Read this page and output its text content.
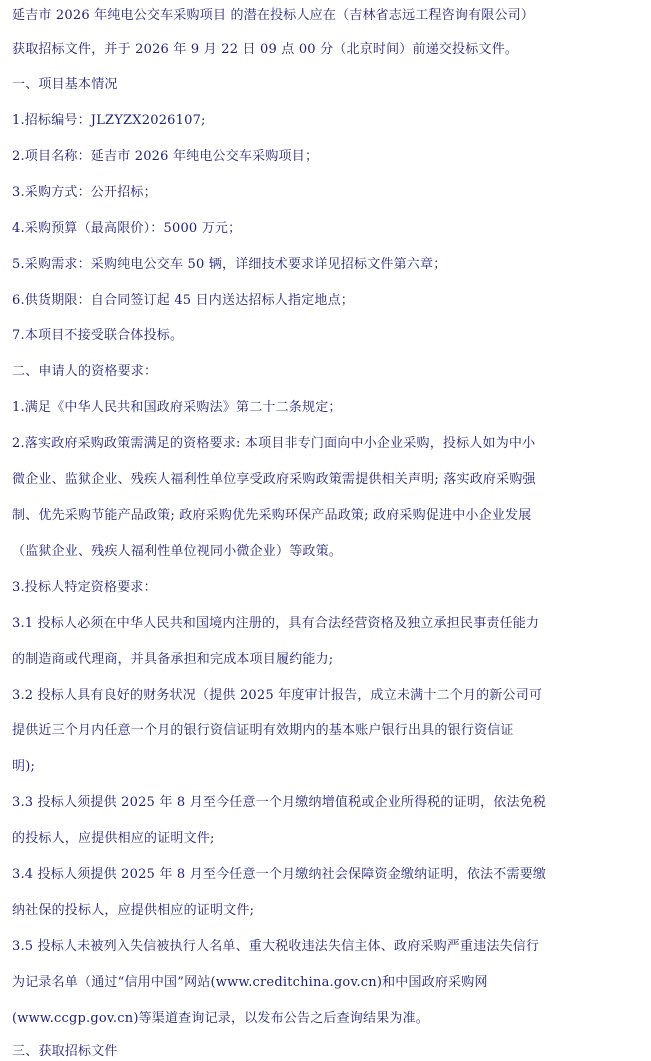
延吉市 2026 年纯电公交车采购项目 的潜在投标人应在（吉林省志远工程咨询有限公司）
获取招标文件，并于 2026 年 9 月 22 日 09 点 00 分（北京时间）前递交投标文件。
一、项目基本情况
1.招标编号：JLZYZX2026107;
2.项目名称：延吉市 2026 年纯电公交车采购项目；
3.采购方式：公开招标；
4.采购预算（最高限价）：5000 万元；
5.采购需求：采购纯电公交车 50 辆，详细技术要求详见招标文件第六章；
6.供货期限：自合同签订起 45 日内送达招标人指定地点；
7.本项目不接受联合体投标。
二、申请人的资格要求：
1.满足《中华人民共和国政府采购法》第二十二条规定；
2.落实政府采购政策需满足的资格要求: 本项目非专门面向中小企业采购，投标人如为中小
微企业、监狱企业、残疾人福利性单位享受政府采购政策需提供相关声明; 落实政府采购强
制、优先采购节能产品政策; 政府采购优先采购环保产品政策; 政府采购促进中小企业发展
（监狱企业、残疾人福利性单位视同小微企业）等政策。
3.投标人特定资格要求：
3.1 投标人必须在中华人民共和国境内注册的，具有合法经营资格及独立承担民事责任能力
的制造商或代理商，并具备承担和完成本项目履约能力;
3.2 投标人具有良好的财务状况（提供 2025 年度审计报告，成立未满十二个月的新公司可
提供近三个月内任意一个月的银行资信证明有效期内的基本账户银行出具的银行资信证
明);
3.3 投标人须提供 2025 年 8 月至今任意一个月缴纳增值税或企业所得税的证明，依法免税
的投标人，应提供相应的证明文件;
3.4 投标人须提供 2025 年 8 月至今任意一个月缴纳社会保障资金缴纳证明，依法不需要缴
纳社保的投标人，应提供相应的证明文件;
3.5 投标人未被列入失信被执行人名单、重大税收违法失信主体、政府采购严重违法失信行
为记录名单（通过“信用中国”网站(www.creditchina.gov.cn)和中国政府采购网
(www.ccgp.gov.cn)等渠道查询记录，以发布公告之后查询结果为准。
三、获取招标文件
